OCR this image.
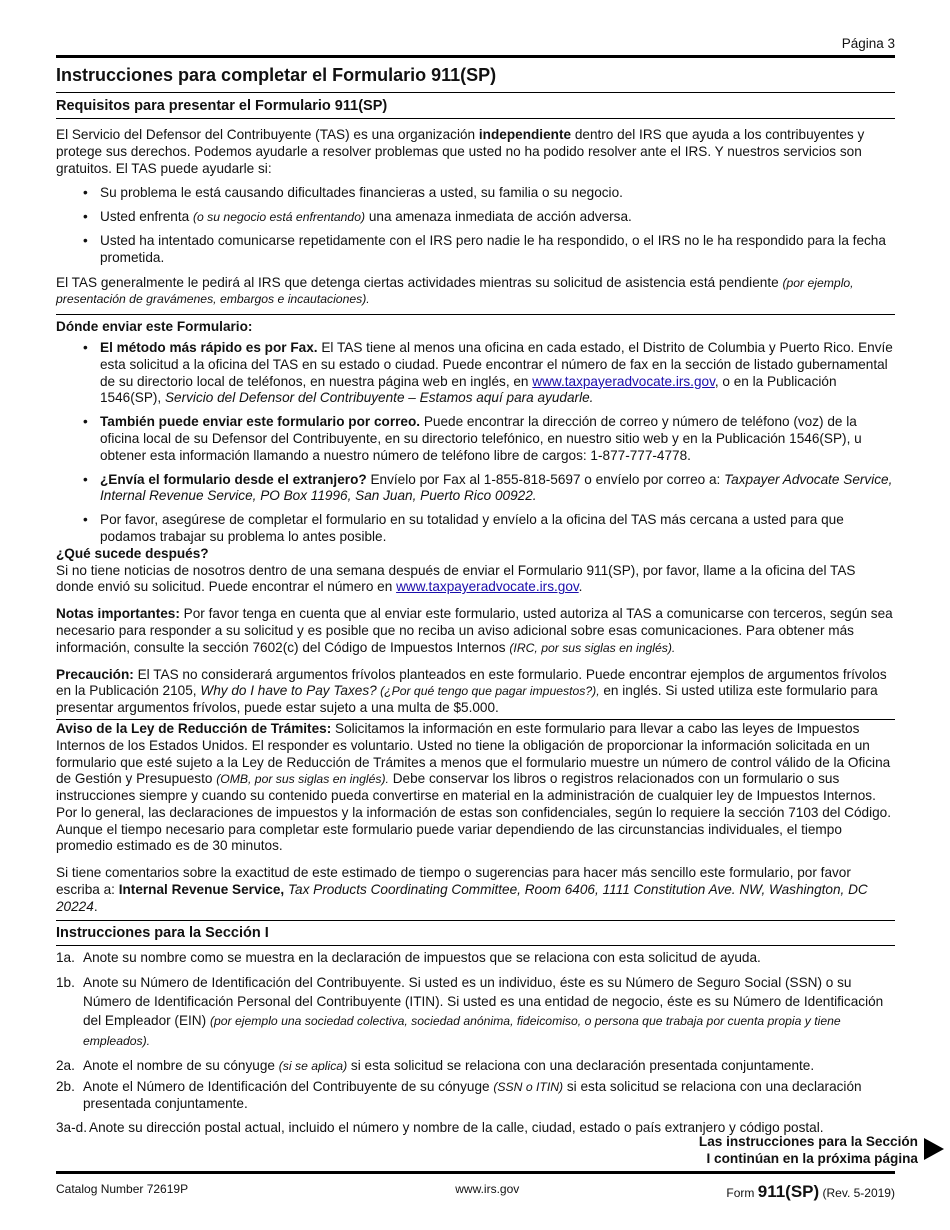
Página 3
Instrucciones para completar el Formulario 911(SP)
Requisitos para presentar el Formulario 911(SP)

El Servicio del Defensor del Contribuyente (TAS) es una organización independiente dentro del IRS que ayuda a los contribuyentes y protege sus derechos. Podemos ayudarle a resolver problemas que usted no ha podido resolver ante el IRS. Y nuestros servicios son gratuitos. El TAS puede ayudarle si:

• Su problema le está causando dificultades financieras a usted, su familia o su negocio.
• Usted enfrenta (o su negocio está enfrentando) una amenaza inmediata de acción adversa.
• Usted ha intentado comunicarse repetidamente con el IRS pero nadie le ha respondido, o el IRS no le ha respondido para la fecha prometida.

El TAS generalmente le pedirá al IRS que detenga ciertas actividades mientras su solicitud de asistencia está pendiente (por ejemplo, presentación de gravámenes, embargos e incautaciones).

Dónde enviar este Formulario:
• El método más rápido es por Fax. El TAS tiene al menos una oficina en cada estado, el Distrito de Columbia y Puerto Rico. Envíe esta solicitud a la oficina del TAS en su estado o ciudad. Puede encontrar el número de fax en la sección de listado gubernamental de su directorio local de teléfonos, en nuestra página web en inglés, en www.taxpayeradvocate.irs.gov, o en la Publicación 1546(SP), Servicio del Defensor del Contribuyente – Estamos aquí para ayudarle.
• También puede enviar este formulario por correo. Puede encontrar la dirección de correo y número de teléfono (voz) de la oficina local de su Defensor del Contribuyente, en su directorio telefónico, en nuestro sitio web y en la Publicación 1546(SP), u obtener esta información llamando a nuestro número de teléfono libre de cargos: 1-877-777-4778.
• ¿Envía el formulario desde el extranjero? Envíelo por Fax al 1-855-818-5697 o envíelo por correo a: Taxpayer Advocate Service, Internal Revenue Service, PO Box 11996, San Juan, Puerto Rico 00922.
• Por favor, asegúrese de completar el formulario en su totalidad y envíelo a la oficina del TAS más cercana a usted para que podamos trabajar su problema lo antes posible.
¿Qué sucede después?

Si no tiene noticias de nosotros dentro de una semana después de enviar el Formulario 911(SP), por favor, llame a la oficina del TAS donde envió su solicitud. Puede encontrar el número en www.taxpayeradvocate.irs.gov.

Notas importantes: Por favor tenga en cuenta que al enviar este formulario, usted autoriza al TAS a comunicarse con terceros, según sea necesario para responder a su solicitud y es posible que no reciba un aviso adicional sobre esas comunicaciones. Para obtener más información, consulte la sección 7602(c) del Código de Impuestos Internos (IRC, por sus siglas en inglés).

Precaución: El TAS no considerará argumentos frívolos planteados en este formulario. Puede encontrar ejemplos de argumentos frívolos en la Publicación 2105, Why do I have to Pay Taxes? (¿Por qué tengo que pagar impuestos?), en inglés. Si usted utiliza este formulario para presentar argumentos frívolos, puede estar sujeto a una multa de $5.000.

Aviso de la Ley de Reducción de Trámites: Solicitamos la información en este formulario para llevar a cabo las leyes de Impuestos Internos de los Estados Unidos. El responder es voluntario. Usted no tiene la obligación de proporcionar la información solicitada en un formulario que esté sujeto a la Ley de Reducción de Trámites a menos que el formulario muestre un número de control válido de la Oficina de Gestión y Presupuesto (OMB, por sus siglas en inglés). Debe conservar los libros o registros relacionados con un formulario o sus instrucciones siempre y cuando su contenido pueda convertirse en material en la administración de cualquier ley de Impuestos Internos. Por lo general, las declaraciones de impuestos y la información de estas son confidenciales, según lo requiere la sección 7103 del Código. Aunque el tiempo necesario para completar este formulario puede variar dependiendo de las circunstancias individuales, el tiempo promedio estimado es de 30 minutos.

Si tiene comentarios sobre la exactitud de este estimado de tiempo o sugerencias para hacer más sencillo este formulario, por favor escriba a: Internal Revenue Service, Tax Products Coordinating Committee, Room 6406, 1111 Constitution Ave. NW, Washington, DC 20224.

Instrucciones para la Sección I
1a. Anote su nombre como se muestra en la declaración de impuestos que se relaciona con esta solicitud de ayuda.
1b. Anote su Número de Identificación del Contribuyente. Si usted es un individuo, éste es su Número de Seguro Social (SSN) o su Número de Identificación Personal del Contribuyente (ITIN). Si usted es una entidad de negocio, éste es su Número de Identificación del Empleador (EIN) (por ejemplo una sociedad colectiva, sociedad anónima, fideicomiso, o persona que trabaja por cuenta propia y tiene empleados).
2a. Anote el nombre de su cónyuge (si se aplica) si esta solicitud se relaciona con una declaración presentada conjuntamente.
2b. Anote el Número de Identificación del Contribuyente de su cónyuge (SSN o ITIN) si esta solicitud se relaciona con una declaración presentada conjuntamente.
3a-d. Anote su dirección postal actual, incluido el número y nombre de la calle, ciudad, estado o país extranjero y código postal.
Las instrucciones para la Sección
I continúan en la próxima página
Catalog Number 72619P	www.irs.gov	Form 911(SP) (Rev. 5-2019)
